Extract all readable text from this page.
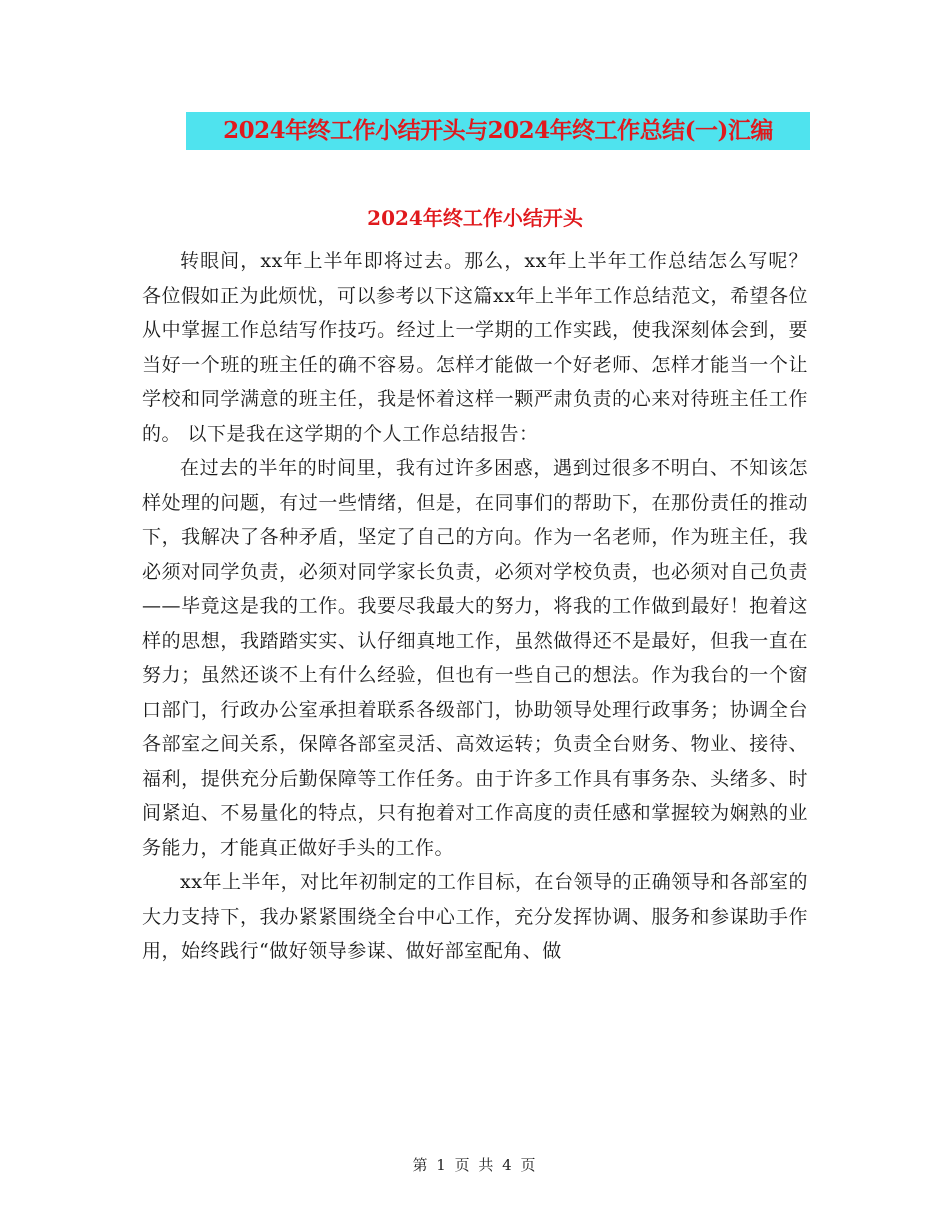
2024年终工作小结开头与2024年终工作总结(一)汇编
2024年终工作小结开头

转眼间，xx年上半年即将过去。那么，xx年上半年工作总结怎么写呢？各位假如正为此烦忧，可以参考以下这篇xx年上半年工作总结范文，希望各位从中掌握工作总结写作技巧。经过上一学期的工作实践，使我深刻体会到，要当好一个班的班主任的确不容易。怎样才能做一个好老师、怎样才能当一个让学校和同学满意的班主任，我是怀着这样一颗严肃负责的心来对待班主任工作的。 以下是我在这学期的个人工作总结报告：

在过去的半年的时间里，我有过许多困惑，遇到过很多不明白、不知该怎样处理的问题，有过一些情绪，但是，在同事们的帮助下，在那份责任的推动下，我解决了各种矛盾，坚定了自己的方向。作为一名老师，作为班主任，我必须对同学负责，必须对同学家长负责，必须对学校负责，也必须对自己负责——毕竟这是我的工作。我要尽我最大的努力，将我的工作做到最好！抱着这样的思想，我踏踏实实、认仔细真地工作，虽然做得还不是最好，但我一直在努力；虽然还谈不上有什么经验，但也有一些自己的想法。作为我台的一个窗口部门，行政办公室承担着联系各级部门，协助领导处理行政事务；协调全台各部室之间关系，保障各部室灵活、高效运转；负责全台财务、物业、接待、福利，提供充分后勤保障等工作任务。由于许多工作具有事务杂、头绪多、时间紧迫、不易量化的特点，只有抱着对工作高度的责任感和掌握较为娴熟的业务能力，才能真正做好手头的工作。

xx年上半年，对比年初制定的工作目标，在台领导的正确领导和各部室的大力支持下，我办紧紧围绕全台中心工作，充分发挥协调、服务和参谋助手作用，始终践行“做好领导参谋、做好部室配角、做

第 1 页 共 4 页
